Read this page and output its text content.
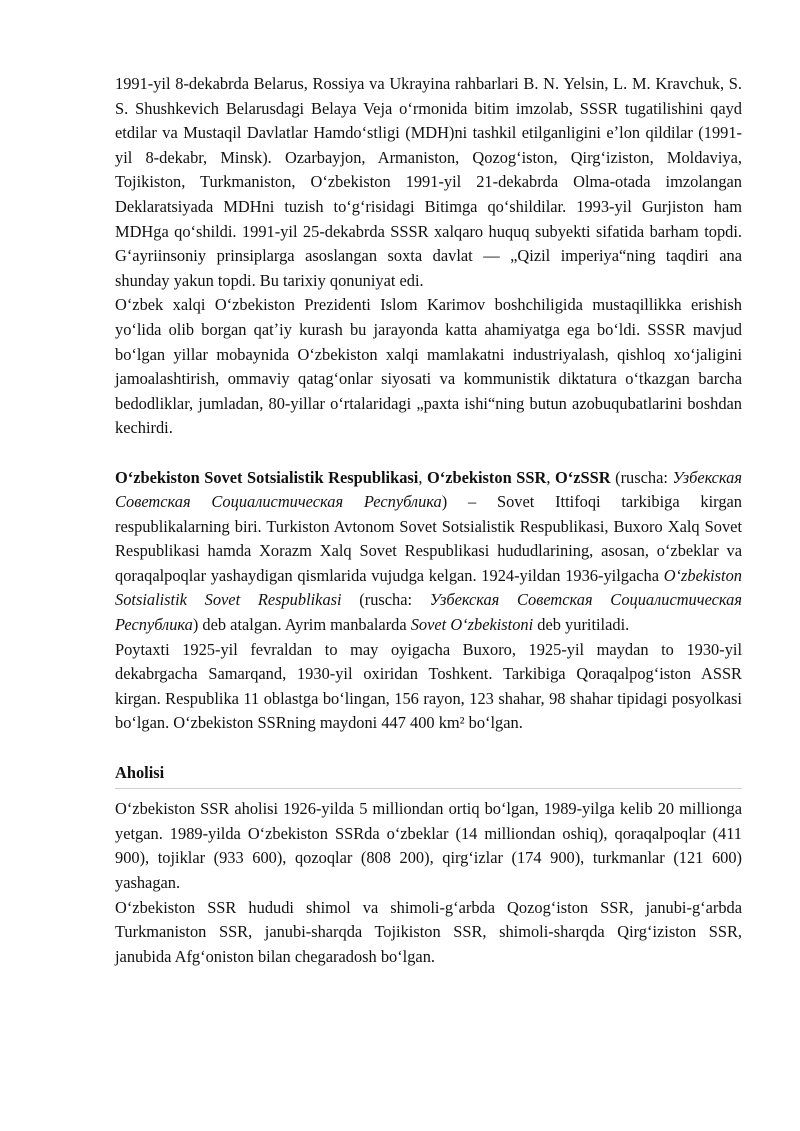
1991-yil 8-dekabrda Belarus, Rossiya va Ukrayina rahbarlari B. N. Yelsin, L. M. Kravchuk, S. S. Shushkevich Belarusdagi Belaya Veja oʻrmonida bitim imzolab, SSSR tugatilishini qayd etdilar va Mustaqil Davlatlar Hamdoʻstligi (MDH)ni tashkil etilganligini eʼlon qildilar (1991-yil 8-dekabr, Minsk). Ozarbayjon, Armaniston, Qozogʻiston, Qirgʻiziston, Moldaviya, Tojikiston, Turkmaniston, Oʻzbekiston 1991-yil 21-dekabrda Olma-otada imzolangan Deklaratsiyada MDHni tuzish toʻgʻrisidagi Bitimga qoʻshildilar. 1993-yil Gurjiston ham MDHga qoʻshildi. 1991-yil 25-dekabrda SSSR xalqaro huquq subyekti sifatida barham topdi. Gʻayriinsoniy prinsiplarga asoslangan soxta davlat — „Qizil imperiya“ning taqdiri ana shunday yakun topdi. Bu tarixiy qonuniyat edi.

Oʻzbek xalqi Oʻzbekiston Prezidenti Islom Karimov boshchiligida mustaqillikka erishish yoʻlida olib borgan qatʼiy kurash bu jarayonda katta ahamiyatga ega boʻldi. SSSR mavjud boʻlgan yillar mobaynida Oʻzbekiston xalqi mamlakatni industriyalash, qishloq xoʻjaligini jamoalashtirish, ommaviy qatagʻonlar siyosati va kommunistik diktatura oʻtkazgan barcha bedodliklar, jumladan, 80-yillar oʻrtalaridagi „paxta ishi“ning butun azobuqubatlarini boshdan kechirdi.

Oʻzbekiston Sovet Sotsialistik Respublikasi, Oʻzbekiston SSR, OʻzSSR (ruscha: Узбекская Советская Социалистическая Республика) – Sovet Ittifoqi tarkibiga kirgan respublikalarning biri. Turkiston Avtonom Sovet Sotsialistik Respublikasi, Buxoro Xalq Sovet Respublikasi hamda Xorazm Xalq Sovet Respublikasi hududlarining, asosan, oʻzbeklar va qoraqalpoqlar yashaydigan qismlarida vujudga kelgan. 1924-yildan 1936-yilgacha Oʻzbekiston Sotsialistik Sovet Respublikasi (ruscha: Узбекская Советская Социалистическая Республика) deb atalgan. Ayrim manbalarda Sovet Oʻzbekistoni deb yuritiladi.

Poytaxti 1925-yil fevraldan to may oyigacha Buxoro, 1925-yil maydan to 1930-yil dekabrgacha Samarqand, 1930-yil oxiridan Toshkent. Tarkibiga Qoraqalpogʻiston ASSR kirgan. Respublika 11 oblastga boʻlingan, 156 rayon, 123 shahar, 98 shahar tipidagi posyolkasi boʻlgan. Oʻzbekiston SSRning maydoni 447 400 km² boʻlgan.

Aholisi

Oʻzbekiston SSR aholisi 1926-yilda 5 milliondan ortiq boʻlgan, 1989-yilga kelib 20 millionga yetgan. 1989-yilda Oʻzbekiston SSRda oʻzbeklar (14 milliondan oshiq), qoraqalpoqlar (411 900), tojiklar (933 600), qozoqlar (808 200), qirgʻizlar (174 900), turkmanlar (121 600) yashagan.

Oʻzbekiston SSR hududi shimol va shimoli-gʻarbda Qozogʻiston SSR, janubi-gʻarbda Turkmaniston SSR, janubi-sharqda Tojikiston SSR, shimoli-sharqda Qirgʻiziston SSR, janubida Afgʻoniston bilan chegaradosh boʻlgan.
